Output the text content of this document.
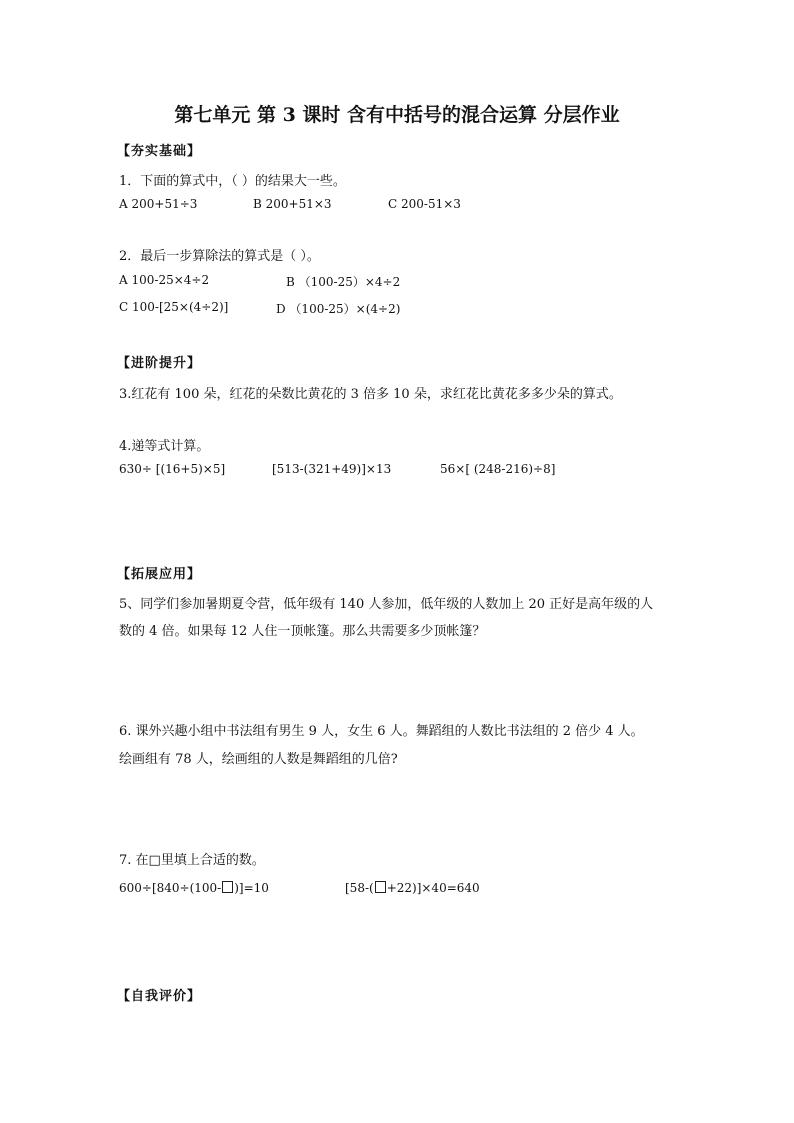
第七单元 第 3 课时 含有中括号的混合运算 分层作业
【夯实基础】
1．下面的算式中，（ ）的结果大一些。
A 200+51÷3	B 200+51×3	C 200-51×3
2．最后一步算除法的算式是（ ）。
A 100-25×4÷2	B （100-25）×4÷2
C 100-[25×(4÷2)]	D （100-25）×(4÷2)
【进阶提升】
3.红花有 100 朵，红花的朵数比黄花的 3 倍多 10 朵，求红花比黄花多多少朵的算式。
4.递等式计算。
630÷ [(16+5)×5]	[513-(321+49)]×13	56×[ (248-216)÷8]
【拓展应用】
5、同学们参加暑期夏令营，低年级有 140 人参加，低年级的人数加上 20 正好是高年级的人
数的 4 倍。如果每 12 人住一顶帐篷。那么共需要多少顶帐篷？
6. 课外兴趣小组中书法组有男生 9 人，女生 6 人。舞蹈组的人数比书法组的 2 倍少 4 人。
绘画组有 78 人，绘画组的人数是舞蹈组的几倍?
7. 在□里填上合适的数。
600÷[840÷(100- )]=10	[58-( +22)]×40=640
【自我评价】
